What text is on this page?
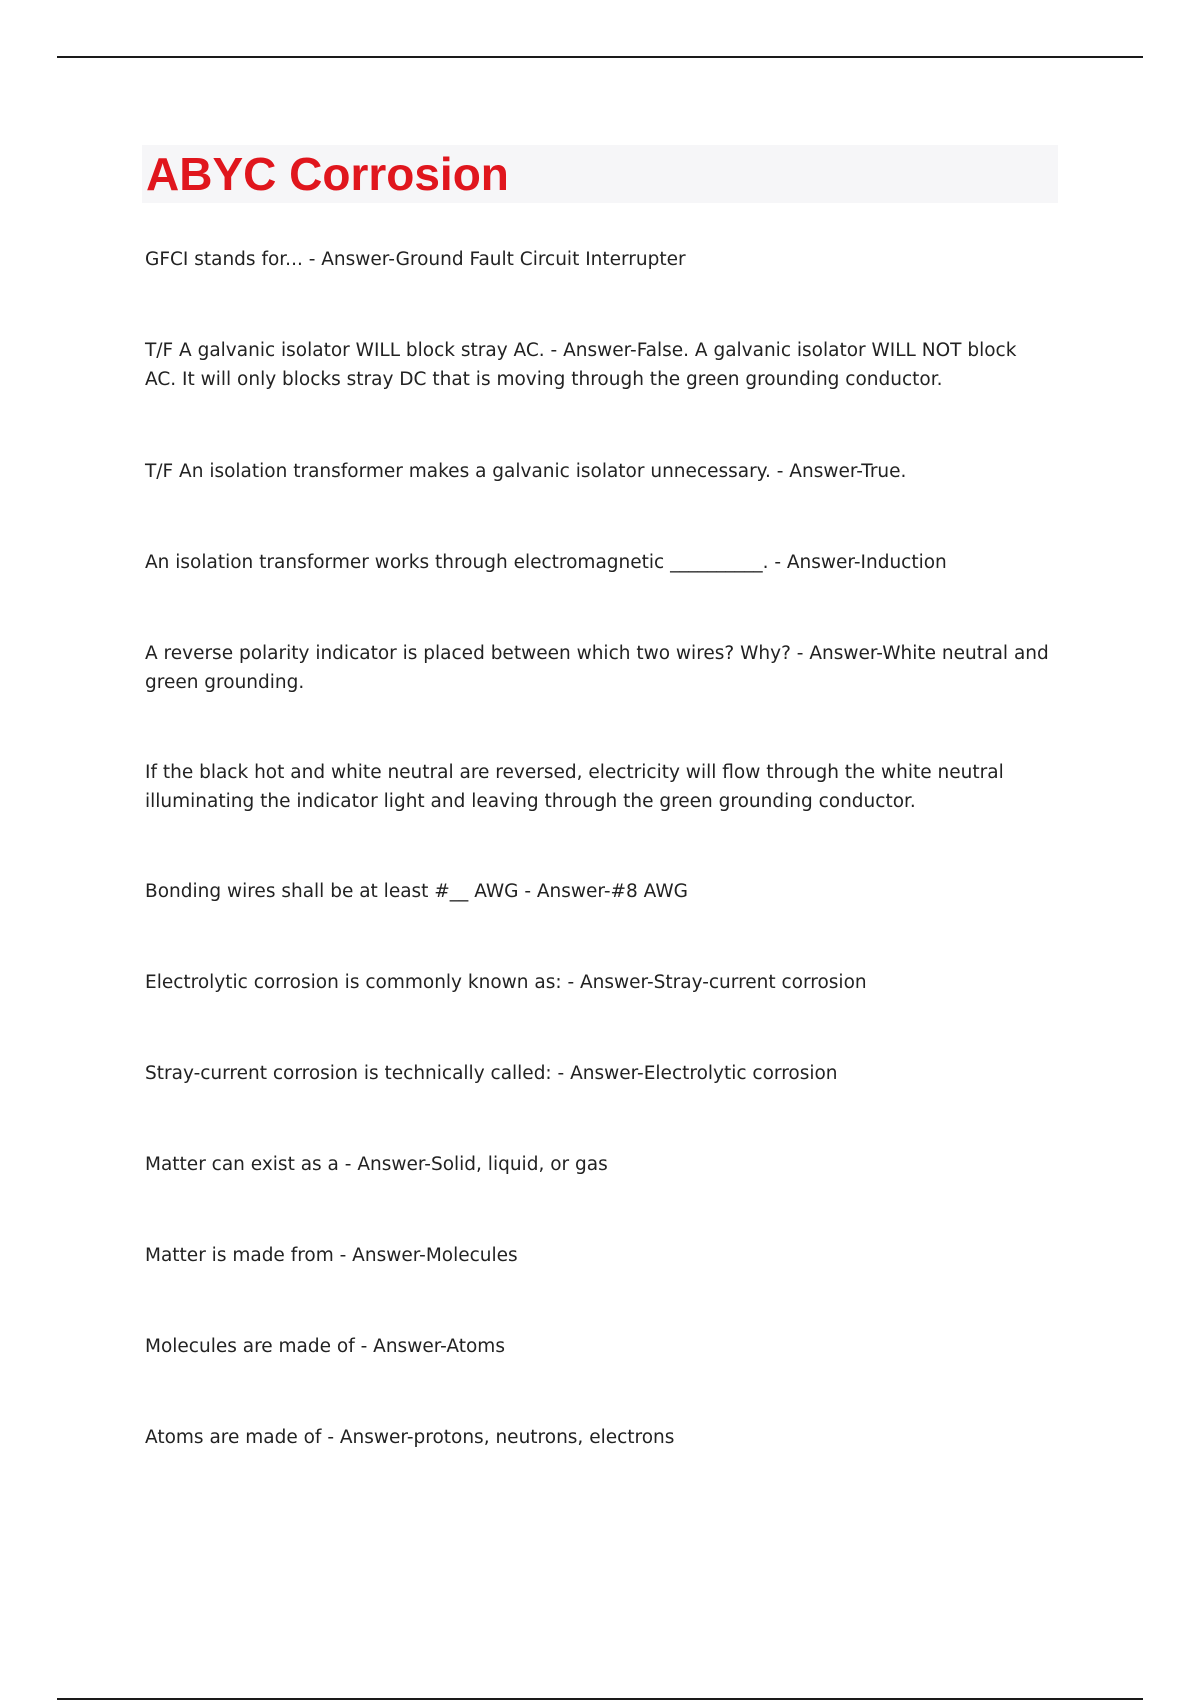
ABYC Corrosion

GFCI stands for... - Answer-Ground Fault Circuit Interrupter

T/F A galvanic isolator WILL block stray AC. - Answer-False. A galvanic isolator WILL NOT block AC. It will only blocks stray DC that is moving through the green grounding conductor.

T/F An isolation transformer makes a galvanic isolator unnecessary. - Answer-True.

An isolation transformer works through electromagnetic __________. - Answer-Induction

A reverse polarity indicator is placed between which two wires? Why? - Answer-White neutral and green grounding.

If the black hot and white neutral are reversed, electricity will flow through the white neutral illuminating the indicator light and leaving through the green grounding conductor.

Bonding wires shall be at least #__ AWG - Answer-#8 AWG

Electrolytic corrosion is commonly known as: - Answer-Stray-current corrosion

Stray-current corrosion is technically called: - Answer-Electrolytic corrosion

Matter can exist as a - Answer-Solid, liquid, or gas

Matter is made from - Answer-Molecules

Molecules are made of - Answer-Atoms

Atoms are made of - Answer-protons, neutrons, electrons
